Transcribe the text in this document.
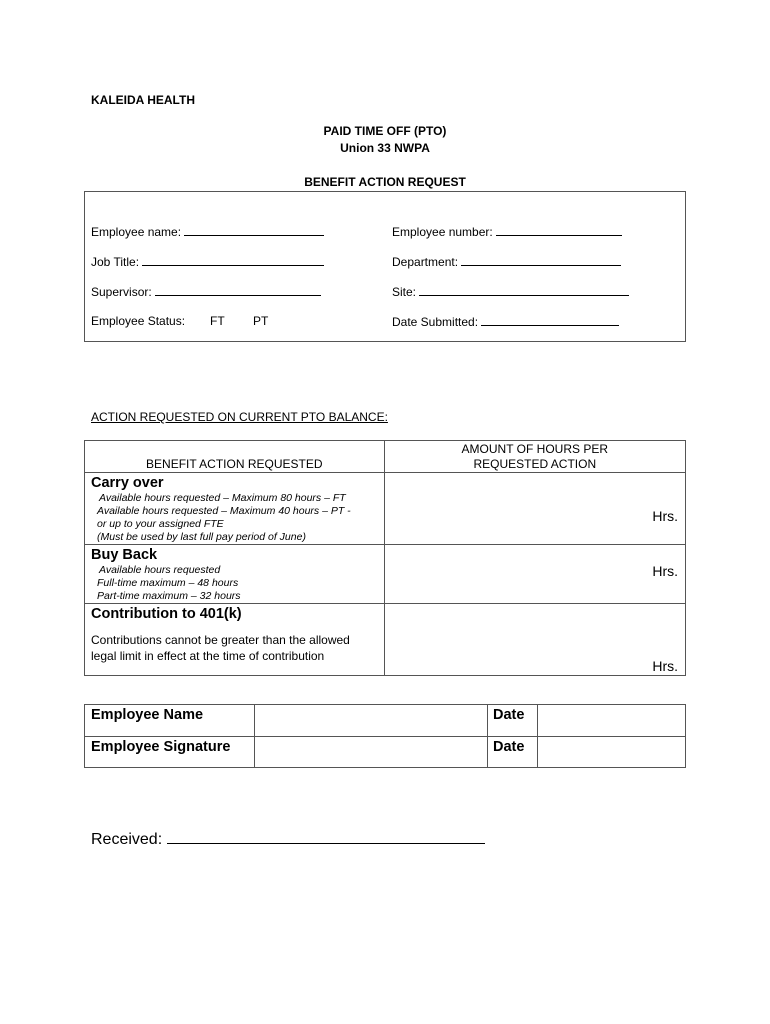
KALEIDA HEALTH
PAID TIME OFF (PTO)
Union 33 NWPA
BENEFIT ACTION REQUEST
Employee name:	Employee number:
Job Title:	Department:
Supervisor:	Site:
Employee Status: FT PT	Date Submitted:
ACTION REQUESTED ON CURRENT PTO BALANCE:
BENEFIT ACTION REQUESTED	AMOUNT OF HOURS PER
REQUESTED ACTION

Carry over
Available hours requested – Maximum 80 hours – FT
Available hours requested – Maximum 40 hours – PT -
or up to your assigned FTE
(Must be used by last full pay period of June)	Hrs.

Buy Back
Available hours requested
Full-time maximum – 48 hours
Part-time maximum – 32 hours	Hrs.

Contribution to 401(k)
Contributions cannot be greater than the allowed
legal limit in effect at the time of contribution	Hrs.
Employee Name		Date	
Employee Signature		Date	
Received:
